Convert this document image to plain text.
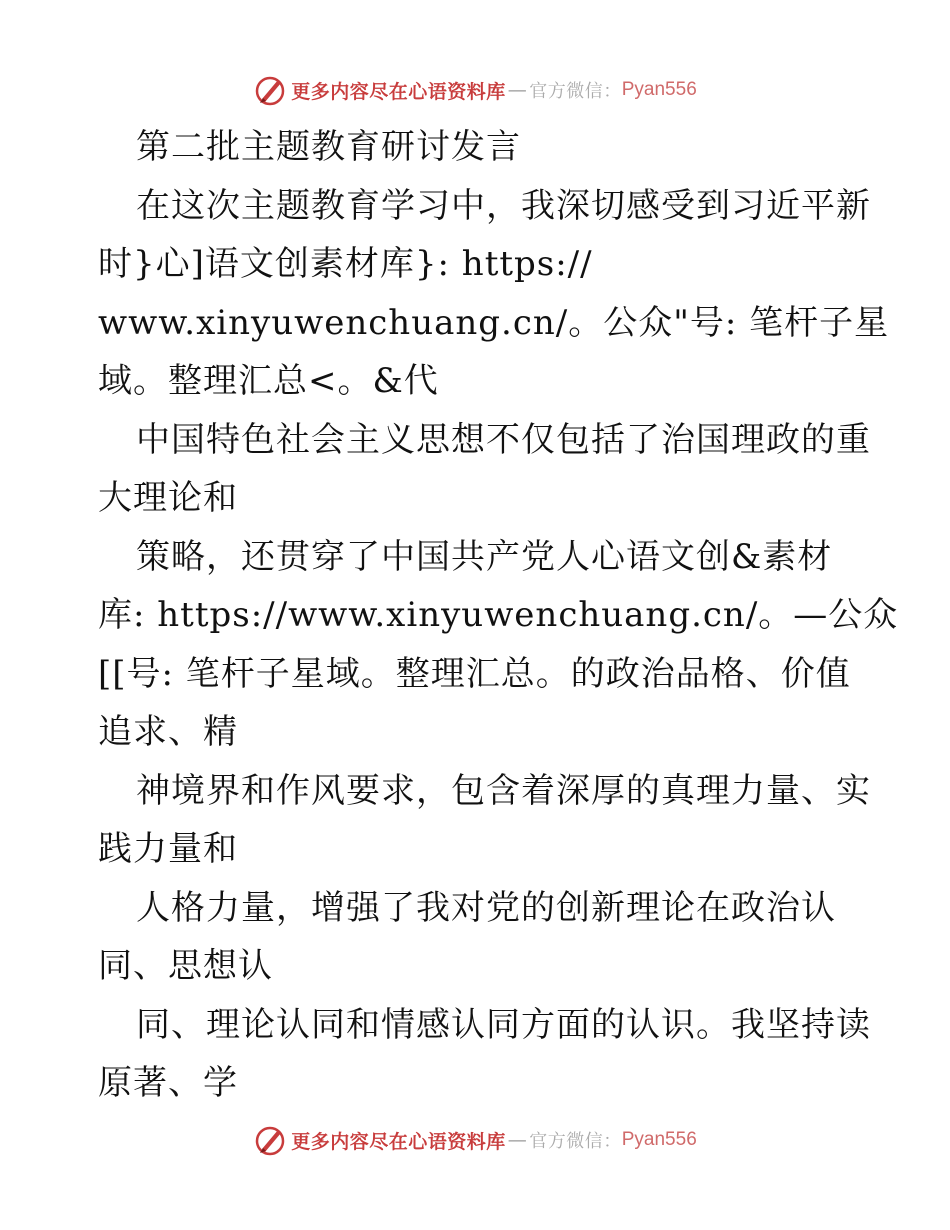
更多内容尽在心语资料库 — 官方微信： Pyan556
第二批主题教育研讨发言
在这次主题教育学习中，我深切感受到习近平新
时}心]语文创素材库}: https://
www.xinyuwenchuang.cn/。公众"号: 笔杆子星
域。整理汇总<。&代
中国特色社会主义思想不仅包括了治国理政的重
大理论和
策略，还贯穿了中国共产党人心语文创&素材
库: https://www.xinyuwenchuang.cn/。—公众
[[号: 笔杆子星域。整理汇总。的政治品格、价值
追求、精
神境界和作风要求，包含着深厚的真理力量、实
践力量和
人格力量，增强了我对党的创新理论在政治认
同、思想认
同、理论认同和情感认同方面的认识。我坚持读
原著、学
更多内容尽在心语资料库 — 官方微信： Pyan556
